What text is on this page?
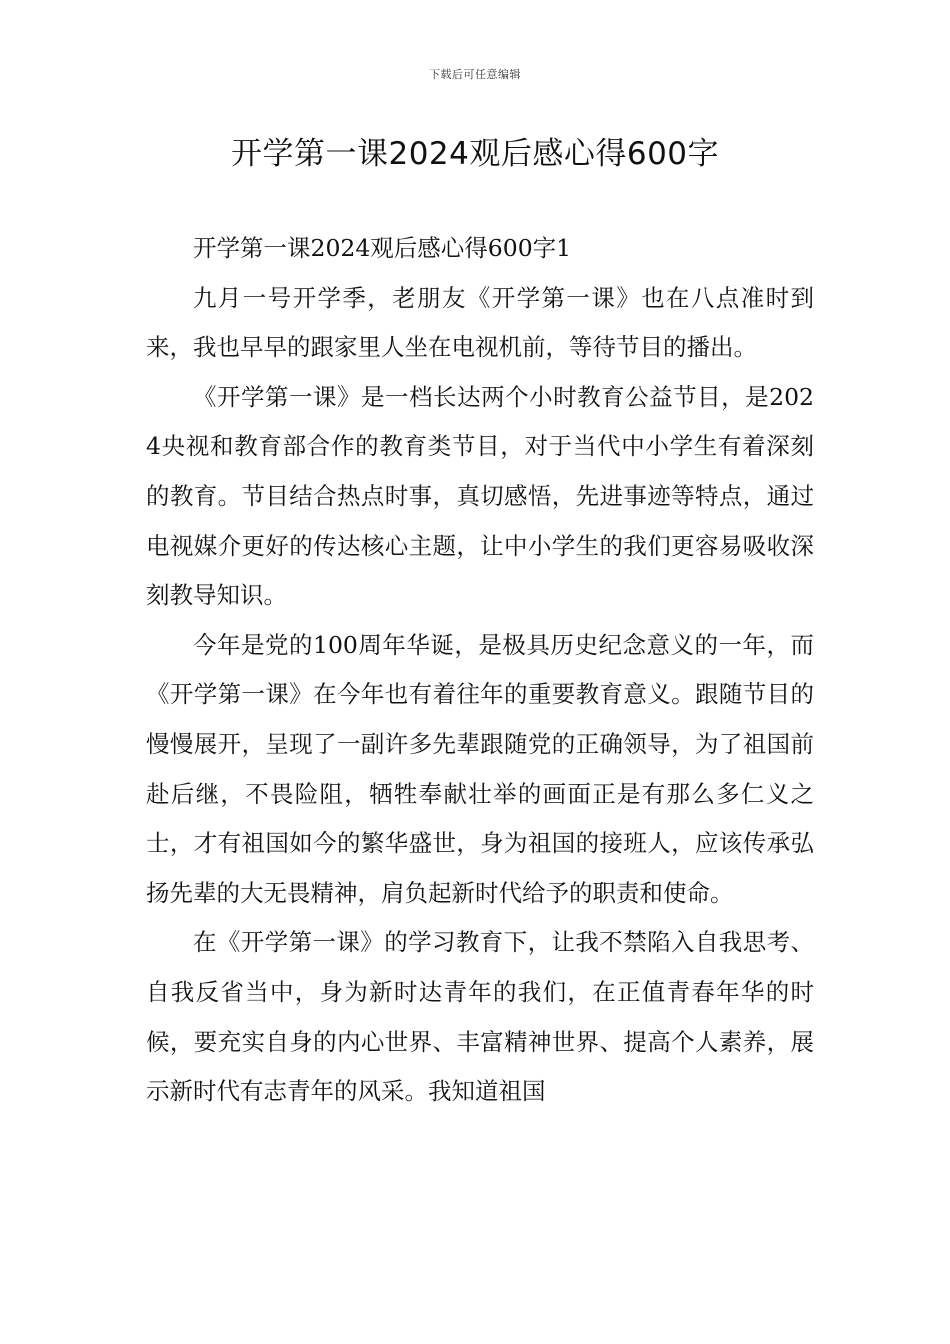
下载后可任意编辑
开学第一课2024观后感心得600字

开学第一课2024观后感心得600字1

九月一号开学季，老朋友《开学第一课》也在八点准时到来，我也早早的跟家里人坐在电视机前，等待节目的播出。

《开学第一课》是一档长达两个小时教育公益节目，是2024央视和教育部合作的教育类节目，对于当代中小学生有着深刻的教育。节目结合热点时事，真切感悟，先进事迹等特点，通过电视媒介更好的传达核心主题，让中小学生的我们更容易吸收深刻教导知识。

今年是党的100周年华诞，是极具历史纪念意义的一年，而《开学第一课》在今年也有着往年的重要教育意义。跟随节目的慢慢展开，呈现了一副许多先辈跟随党的正确领导，为了祖国前赴后继，不畏险阻，牺牲奉献壮举的画面正是有那么多仁义之士，才有祖国如今的繁华盛世，身为祖国的接班人，应该传承弘扬先辈的大无畏精神，肩负起新时代给予的职责和使命。

在《开学第一课》的学习教育下，让我不禁陷入自我思考、自我反省当中，身为新时达青年的我们，在正值青春年华的时候，要充实自身的内心世界、丰富精神世界、提高个人素养，展示新时代有志青年的风采。我知道祖国
